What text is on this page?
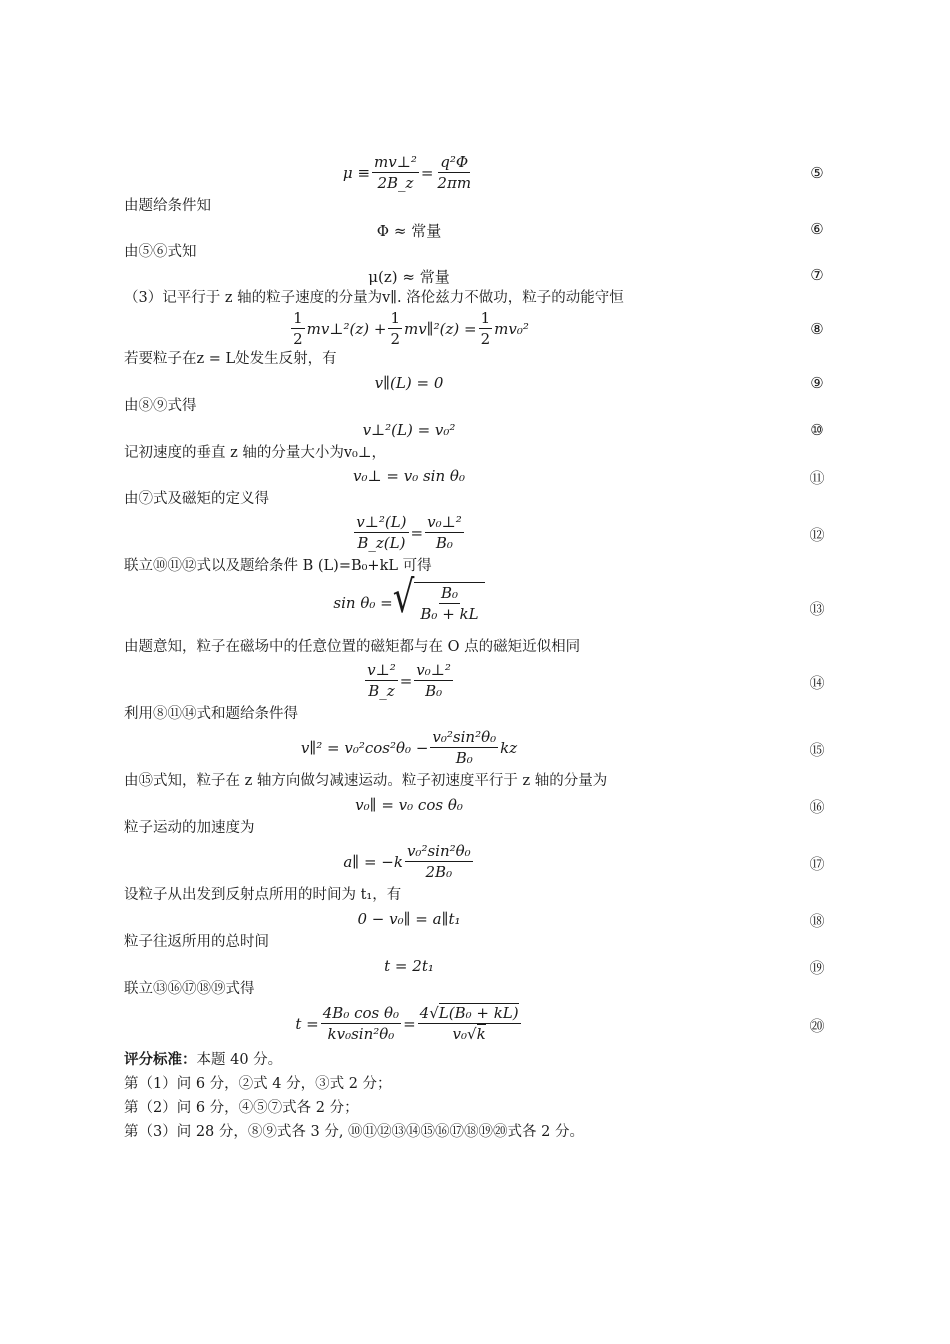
$\mu \equiv \frac{\text{mv⊥²}}{2B\_z} = \frac{\text{q²Φ}}{2\pi m}$	⑤
由题给条件知
Φ ≈ 常量	⑥
由⑤⑥式知
μ(z) ≈ 常量	⑦
（3）记平行于 z 轴的粒子速度的分量为v∥. 洛伦兹力不做功，粒子的动能守恒
$\frac{1}{2}$ mv⊥²(z) + $\frac{1}{2}$ mv∥²(z) = $\frac{1}{2} mv_0^2$	⑧
若要粒子在z = L处发生反射，有
v∥(L) = 0	⑨
由⑧⑨式得
v⊥²(L) = v₀²	⑩
记初速度的垂直 z 轴的分量大小为v₀⊥，
v₀⊥ = v₀ sin θ₀	⑪
由⑦式及磁矩的定义得
$\frac{\text{v⊥²(L)}}{B\_z(L)} = \frac{\text{v₀⊥²}}{\text{B₀}}$	⑫
联立⑩⑪⑫式以及题给条件 B (L)=B₀+kL 可得
sin θ₀ = √ $\frac{\text{B₀}}{\text{B₀ + kL}}$	⑬
由题意知，粒子在磁场中的任意位置的磁矩都与在 O 点的磁矩近似相同
$\frac{\text{v⊥²}}{B\_z} = \frac{\text{v₀⊥²}}{\text{B₀}}$	⑭
利用⑧⑪⑭式和题给条件得
v∥² = $v_0^2\cos^2\theta_0 - \frac{\text{v₀²sin²θ₀}}{\text{B₀}}$ kz	⑮
由⑮式知，粒子在 z 轴方向做匀减速运动。粒子初速度平行于 z 轴的分量为
v₀∥ = v₀ cos θ₀	⑯
粒子运动的加速度为
a∥ = $-k \frac{\text{v₀²sin²θ₀}}{\text{2B₀}}$	⑰
设粒子从出发到反射点所用的时间为 t₁，有
0 − v₀∥ = a∥t₁	⑱
粒子往返所用的总时间
t = 2t₁	⑲
联立⑬⑯⑰⑱⑲式得
$t = \frac{\text{4B₀ cos θ₀}}{\text{kv₀sin²θ₀}} = \frac{\text{4√L(B₀ + kL)}}{\text{v₀√k}}$	⑳
评分标准：本题 40 分。
第（1）问 6 分，②式 4 分，③式 2 分；
第（2）问 6 分，④⑤⑦式各 2 分；
第（3）问 28 分，⑧⑨式各 3 分, ⑩⑪⑫⑬⑭⑮⑯⑰⑱⑲⑳式各 2 分。
